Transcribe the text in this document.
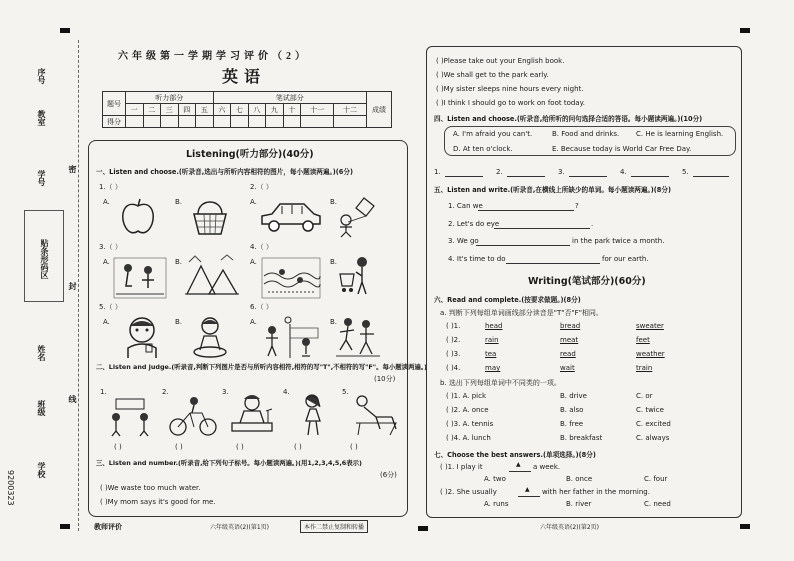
序号
教室
学号
贴条形码区
姓名
班级
学校
9200323
密
封
线
六年级第一学期学习评价（2）
英语
题号	听力部分					笔试部分							成绩
	一	二	三	四	五	六	七	八	九	十	十一	十二	
得分													
Listening(听力部分)(40分)
一、Listen and choose.(听录音,选出与所听内容相符的图片，每小题读两遍。)(6分)
1.（ ）	2.（ ）
3.（ ）	4.（ ）
5.（ ）	6.（ ）
A.	B.	A.	B.
A.	B.	A.	B.
A.	B.	A.	B.
二、Listen and judge.(听录音,判断下列图片是否与所听内容相符,相符的写"T",不相符的写"F"。每小题读两遍。)
(10分)
1.	2.	3.	4.	5.
( )	( )	( )	( )	( )
三、Listen and number.(听录音,给下列句子标号。每小题读两遍。)(用1,2,3,4,5,6表示)
(6分)
( )We waste too much water.
( )My mom says it's good for me.
教师评价	六年级英语(2)(第1页)	本作二禁止复制和转播
( )Please take out your English book.
( )We shall get to the park early.
( )My sister sleeps nine hours every night.
( )I think I should go to work on foot today.
四、Listen and choose.(听录音,给所听的问句选择合适的答语。每小题读两遍。)(10分)
A. I'm afraid you can't.	B. Food and drinks. C. He is learning English.
D. At ten o'clock.	E. Because today is World Car Free Day.
1.	2.	3.	4.	5.
五、Listen and write.(听录音,在横线上所缺少的单词。每小题读两遍。)(8分)
1. Can we	?
2. Let's do eye	.
3. We go	in the park twice a month.
4. It's time to do	for our earth.
Writing(笔试部分)(60分)
六、Read and complete.(按要求做题。)(8分)
a. 判断下列每组单词画线部分读音是"T"否"F"相同。
( )1.	head	bread	sweater
( )2.	rain	meat	feet
( )3.	tea	read	weather
( )4.	may	wait	train
b. 选出下列每组单词中不同类的一项。
( )1. A. pick	B. drive	C. or
( )2. A. once	B. also	C. twice
( )3. A. tennis	B. free	C. excited
( )4. A. lunch	B. breakfast	C. always
七、Choose the best answers.(单项选择。)(8分)
( )1. I play it	▲ a week.
A. two	B. once	C. four
( )2. She usually	▲ with her father in the morning.
A. runs	B. river	C. need
六年级英语(2)(第2页)
